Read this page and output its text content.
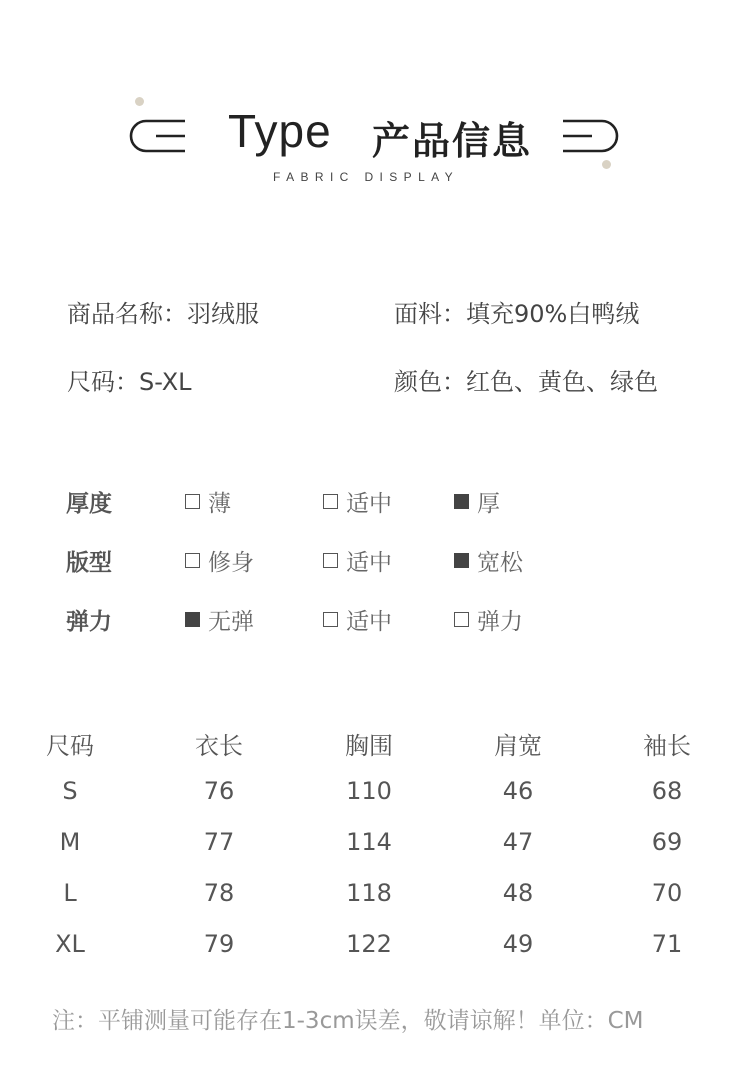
Type 产品信息
FABRIC DISPLAY
商品名称：羽绒服	面料：填充90%白鸭绒
尺码：S-XL	颜色：红色、黄色、绿色
厚度	薄	适中	厚
版型	修身	适中	宽松
弹力	无弹	适中	弹力
尺码	衣长	胸围	肩宽	袖长
S	76	110	46	68
M	77	114	47	69
L	78	118	48	70
XL	79	122	49	71
注：平铺测量可能存在1-3cm误差，敬请谅解！单位：CM
